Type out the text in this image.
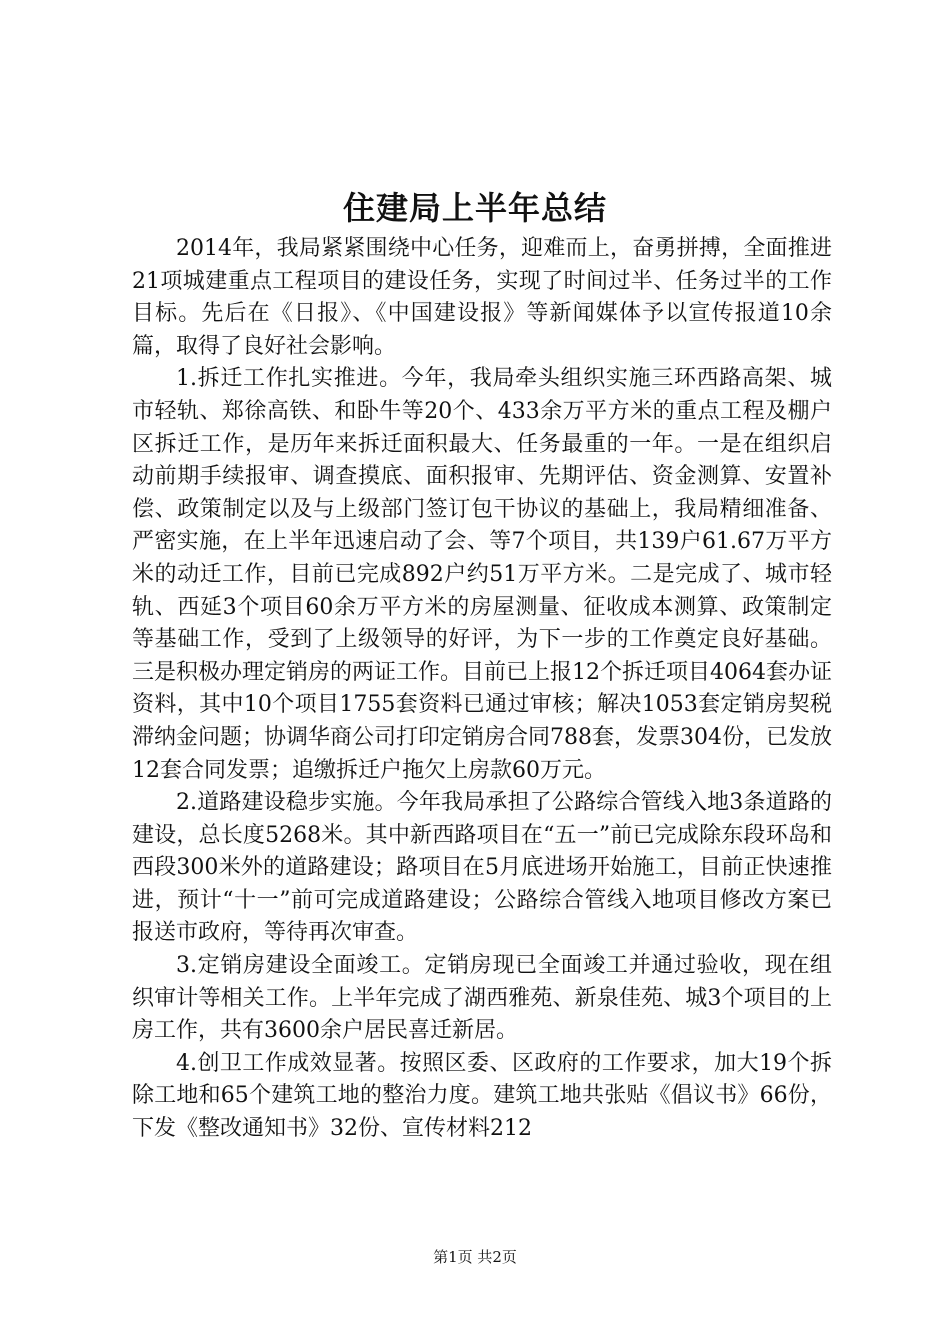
住建局上半年总结

2014年，我局紧紧围绕中心任务，迎难而上，奋勇拼搏，全面推进21项城建重点工程项目的建设任务，实现了时间过半、任务过半的工作目标。先后在《日报》、《中国建设报》等新闻媒体予以宣传报道10余篇，取得了良好社会影响。

1.拆迁工作扎实推进。今年，我局牵头组织实施三环西路高架、城市轻轨、郑徐高铁、和卧牛等20个、433余万平方米的重点工程及棚户区拆迁工作，是历年来拆迁面积最大、任务最重的一年。一是在组织启动前期手续报审、调查摸底、面积报审、先期评估、资金测算、安置补偿、政策制定以及与上级部门签订包干协议的基础上，我局精细准备、严密实施，在上半年迅速启动了会、等7个项目，共139户61.67万平方米的动迁工作，目前已完成892户约51万平方米。二是完成了、城市轻轨、西延3个项目60余万平方米的房屋测量、征收成本测算、政策制定等基础工作，受到了上级领导的好评，为下一步的工作奠定良好基础。三是积极办理定销房的两证工作。目前已上报12个拆迁项目4064套办证资料，其中10个项目1755套资料已通过审核；解决1053套定销房契税滞纳金问题；协调华商公司打印定销房合同788套，发票304份，已发放12套合同发票；追缴拆迁户拖欠上房款60万元。

2.道路建设稳步实施。今年我局承担了公路综合管线入地3条道路的建设，总长度5268米。其中新西路项目在“五一”前已完成除东段环岛和西段300米外的道路建设；路项目在5月底进场开始施工，目前正快速推进，预计“十一”前可完成道路建设；公路综合管线入地项目修改方案已报送市政府，等待再次审查。

3.定销房建设全面竣工。定销房现已全面竣工并通过验收，现在组织审计等相关工作。上半年完成了湖西雅苑、新泉佳苑、城3个项目的上房工作，共有3600余户居民喜迁新居。

4.创卫工作成效显著。按照区委、区政府的工作要求，加大19个拆除工地和65个建筑工地的整治力度。建筑工地共张贴《倡议书》66份，下发《整改通知书》32份、宣传材料212

第1页 共2页
